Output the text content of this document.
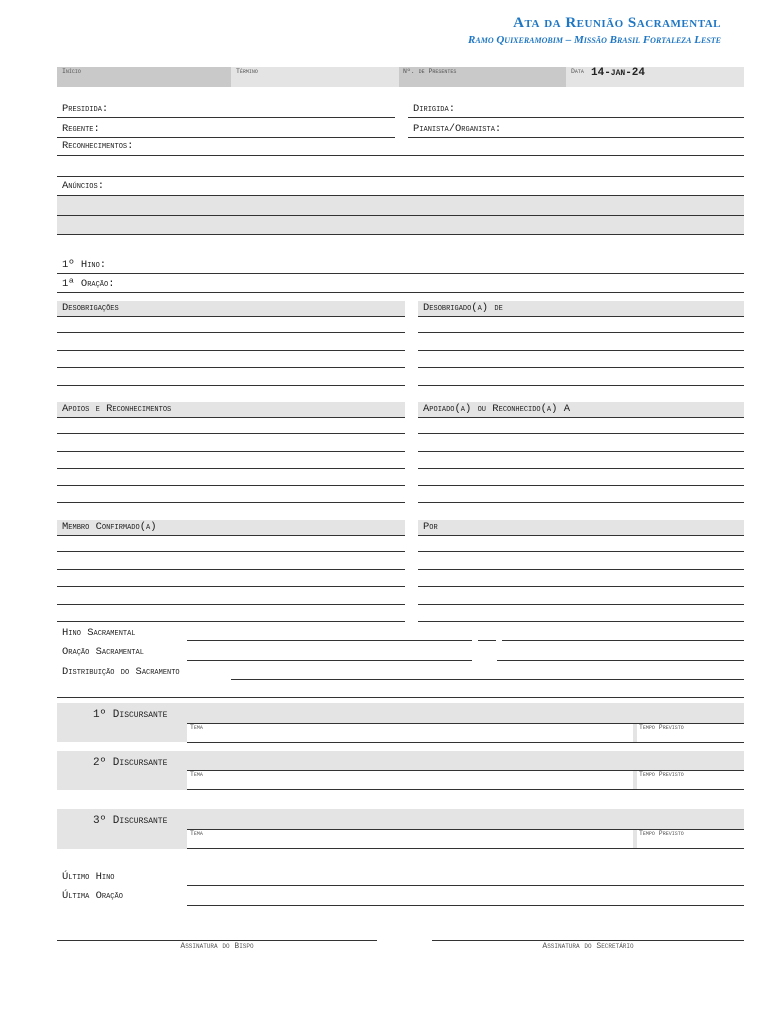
Ata da Reunião Sacramental
Ramo Quixeramobim – Missão Brasil Fortaleza Leste
Início	Término	Nº. de Presentes	Data 14-jan-24
Presidida:	Dirigida:
Regente:	Pianista/Organista:
Reconhecimentos:
Anúncios:
1º Hino:
1ª Oração:
Desobrigações	Desobrigado(a) de
Apoios e Reconhecimentos	Apoiado(a) ou Reconhecido(a) A
Membro Confirmado(a)	Por
Hino Sacramental
Oração Sacramental
Distribuição do Sacramento
1º Discursante
Tema	Tempo Previsto
2º Discursante
Tema	Tempo Previsto
3º Discursante
Tema	Tempo Previsto
Último Hino
Última Oração
Assinatura do Bispo	Assinatura do Secretário
